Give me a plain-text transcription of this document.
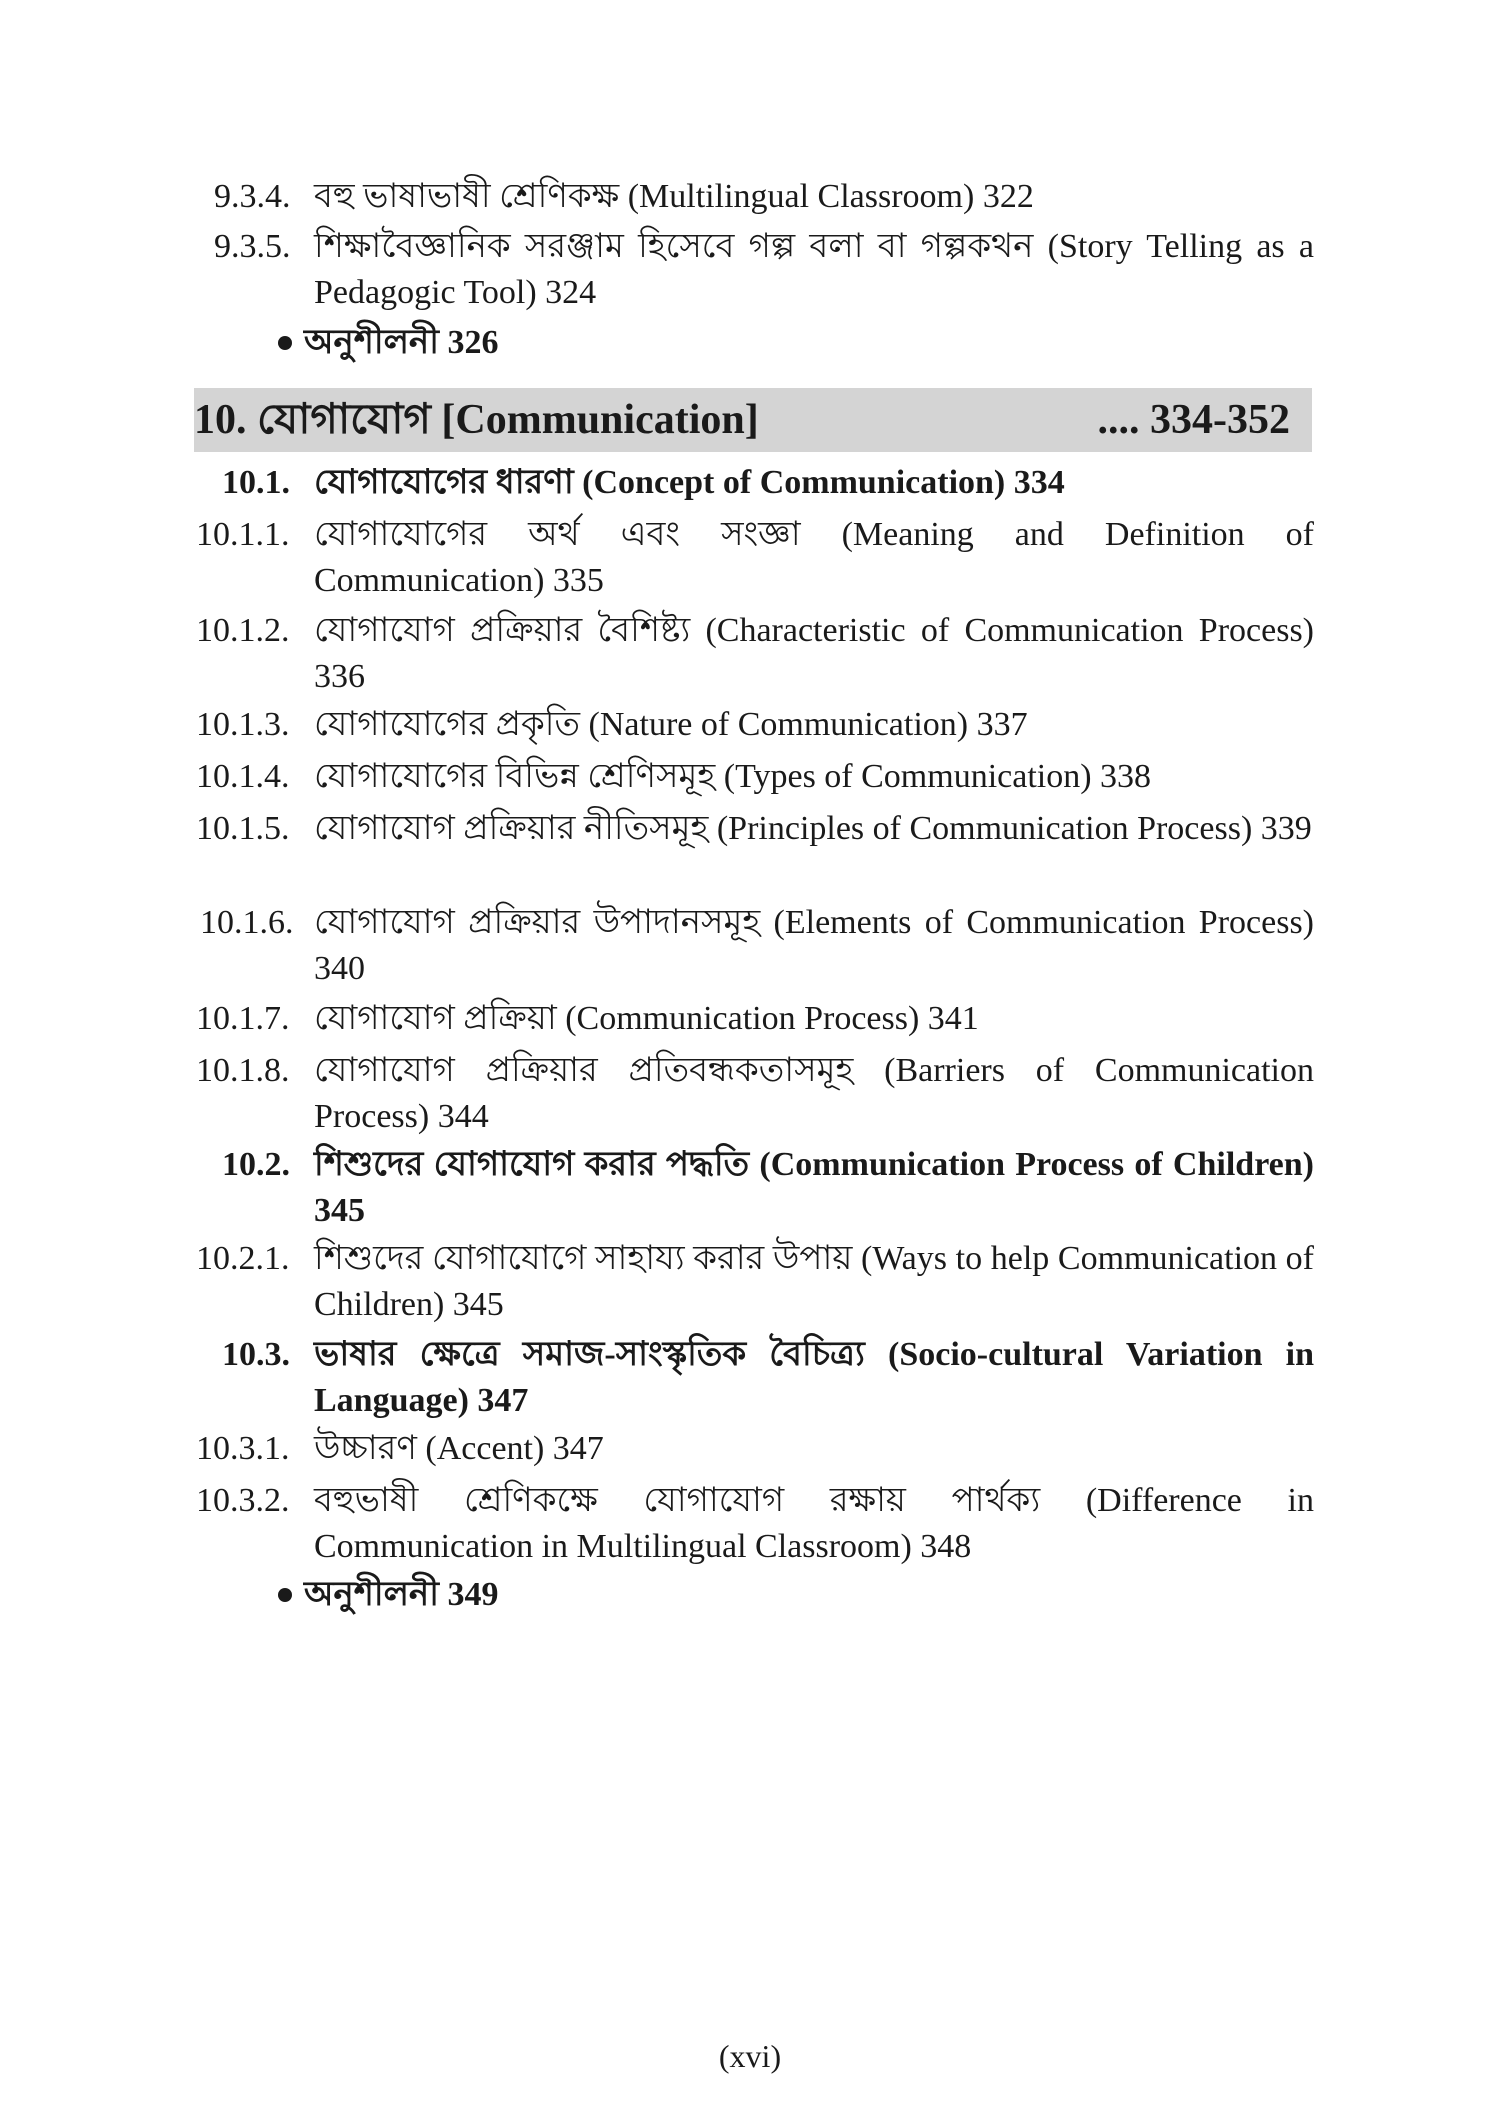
9.3.4. বহু ভাষাভাষী শ্রেণিকক্ষ (Multilingual Classroom) 322
9.3.5. শিক্ষাবৈজ্ঞানিক সরঞ্জাম হিসেবে গল্প বলা বা গল্পকথন (Story Telling as a Pedagogic Tool) 324
অনুশীলনী 326
10. যোগাযোগ [Communication]	.... 334-352
10.1. যোগাযোগের ধারণা (Concept of Communication) 334
10.1.1. যোগাযোগের অর্থ এবং সংজ্ঞা (Meaning and Definition of Communication) 335
10.1.2. যোগাযোগ প্রক্রিয়ার বৈশিষ্ট্য (Characteristic of Communication Process) 336
10.1.3. যোগাযোগের প্রকৃতি (Nature of Communication) 337
10.1.4. যোগাযোগের বিভিন্ন শ্রেণিসমূহ (Types of Communication) 338
10.1.5. যোগাযোগ প্রক্রিয়ার নীতিসমূহ (Principles of Communication Process) 339
10.1.6. যোগাযোগ প্রক্রিয়ার উপাদানসমূহ (Elements of Communication Process) 340
10.1.7. যোগাযোগ প্রক্রিয়া (Communication Process) 341
10.1.8. যোগাযোগ প্রক্রিয়ার প্রতিবন্ধকতাসমূহ (Barriers of Communication Process) 344
10.2. শিশুদের যোগাযোগ করার পদ্ধতি (Communication Process of Children) 345
10.2.1. শিশুদের যোগাযোগে সাহায্য করার উপায় (Ways to help Communication of Children) 345
10.3. ভাষার ক্ষেত্রে সমাজ-সাংস্কৃতিক বৈচিত্র্য (Socio-cultural Variation in Language) 347
10.3.1. উচ্চারণ (Accent) 347
10.3.2. বহুভাষী শ্রেণিকক্ষে যোগাযোগ রক্ষায় পার্থক্য (Difference in Communication in Multilingual Classroom) 348
অনুশীলনী 349
(xvi)
